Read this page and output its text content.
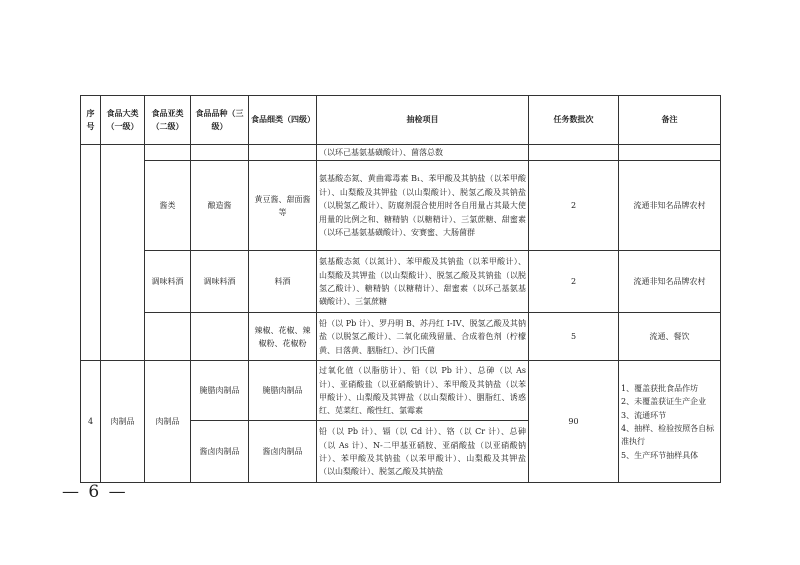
序号	食品大类（一级）	食品亚类（二级）	食品品种（三级）	食品细类（四级）	抽检项目	任务数批次	备注
					（以环己基氨基磺酸计）、菌落总数		
		酱类	酿造酱	黄豆酱、甜面酱等	氨基酸态氮、黄曲霉毒素 B₁、苯甲酸及其钠盐（以苯甲酸计）、山梨酸及其钾盐（以山梨酸计）、脱氢乙酸及其钠盐（以脱氢乙酸计）、防腐剂混合使用时各自用量占其最大使用量的比例之和、糖精钠（以糖精计）、三氯蔗糖、甜蜜素（以环己基氨基磺酸计）、安赛蜜、大肠菌群	2	流通非知名品牌农村
		调味料酒	调味料酒	料酒	氨基酸态氮（以氮计）、苯甲酸及其钠盐（以苯甲酸计）、山梨酸及其钾盐（以山梨酸计）、脱氢乙酸及其钠盐（以脱氢乙酸计）、糖精钠（以糖精计）、甜蜜素（以环己基氨基磺酸计）、三氯蔗糖	2	流通非知名品牌农村
				辣椒、花椒、辣椒粉、花椒粉	铅（以 Pb 计）、罗丹明 B、苏丹红 I-IV、脱氢乙酸及其钠盐（以脱氢乙酸计）、二氧化硫残留量、合成着色剂（柠檬黄、日落黄、胭脂红）、沙门氏菌	5	流通、餐饮
4	肉制品	肉制品	腌腊肉制品	腌腊肉制品	过氧化值（以脂肪计）、铅（以 Pb 计）、总砷（以 As 计）、亚硝酸盐（以亚硝酸钠计）、苯甲酸及其钠盐（以苯甲酸计）、山梨酸及其钾盐（以山梨酸计）、胭脂红、诱惑红、苋菜红、酸性红、氯霉素	90	1、覆盖获批食品作坊
2、未覆盖获证生产企业
3、流通环节
4、抽样、检验按照各自标准执行
5、生产环节抽样具体

			酱卤肉制品	酱卤肉制品	铅（以 Pb 计）、镉（以 Cd 计）、铬（以 Cr 计）、总砷（以 As 计）、N-二甲基亚硝胺、亚硝酸盐（以亚硝酸钠计）、苯甲酸及其钠盐（以苯甲酸计）、山梨酸及其钾盐（以山梨酸计）、脱氢乙酸及其钠盐		
— 6 —
